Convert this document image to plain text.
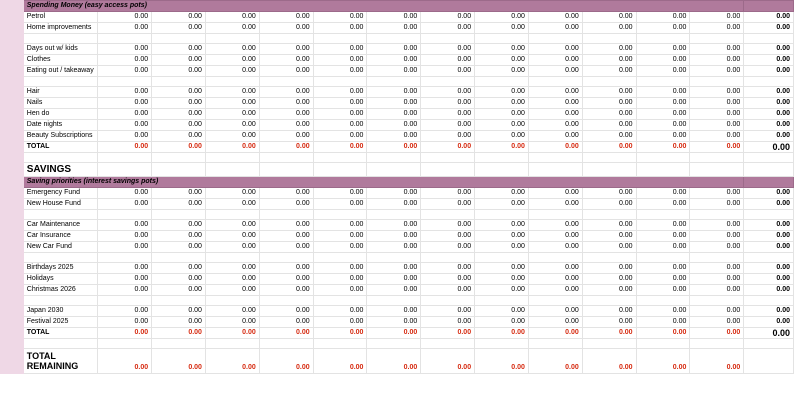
	Spending Money (easy access pots)													
	Petrol	0.00	0.00	0.00	0.00	0.00	0.00	0.00	0.00	0.00	0.00	0.00	0.00	0.00
	Home improvements	0.00	0.00	0.00	0.00	0.00	0.00	0.00	0.00	0.00	0.00	0.00	0.00	0.00

	Days out w/ kids	0.00	0.00	0.00	0.00	0.00	0.00	0.00	0.00	0.00	0.00	0.00	0.00	0.00
	Clothes	0.00	0.00	0.00	0.00	0.00	0.00	0.00	0.00	0.00	0.00	0.00	0.00	0.00
	Eating out / takeaway	0.00	0.00	0.00	0.00	0.00	0.00	0.00	0.00	0.00	0.00	0.00	0.00	0.00

	Hair	0.00	0.00	0.00	0.00	0.00	0.00	0.00	0.00	0.00	0.00	0.00	0.00	0.00
	Nails	0.00	0.00	0.00	0.00	0.00	0.00	0.00	0.00	0.00	0.00	0.00	0.00	0.00
	Hen do	0.00	0.00	0.00	0.00	0.00	0.00	0.00	0.00	0.00	0.00	0.00	0.00	0.00
	Date nights	0.00	0.00	0.00	0.00	0.00	0.00	0.00	0.00	0.00	0.00	0.00	0.00	0.00
	Beauty Subscriptions	0.00	0.00	0.00	0.00	0.00	0.00	0.00	0.00	0.00	0.00	0.00	0.00	0.00
	TOTAL	0.00	0.00	0.00	0.00	0.00	0.00	0.00	0.00	0.00	0.00	0.00	0.00	0.00

	SAVINGS													
	Saving priorities (interest savings pots)													
	Emergency Fund	0.00	0.00	0.00	0.00	0.00	0.00	0.00	0.00	0.00	0.00	0.00	0.00	0.00
	New House Fund	0.00	0.00	0.00	0.00	0.00	0.00	0.00	0.00	0.00	0.00	0.00	0.00	0.00

	Car Maintenance	0.00	0.00	0.00	0.00	0.00	0.00	0.00	0.00	0.00	0.00	0.00	0.00	0.00
	Car Insurance	0.00	0.00	0.00	0.00	0.00	0.00	0.00	0.00	0.00	0.00	0.00	0.00	0.00
	New Car Fund	0.00	0.00	0.00	0.00	0.00	0.00	0.00	0.00	0.00	0.00	0.00	0.00	0.00

	Birthdays 2025	0.00	0.00	0.00	0.00	0.00	0.00	0.00	0.00	0.00	0.00	0.00	0.00	0.00
	Holidays	0.00	0.00	0.00	0.00	0.00	0.00	0.00	0.00	0.00	0.00	0.00	0.00	0.00
	Christmas 2026	0.00	0.00	0.00	0.00	0.00	0.00	0.00	0.00	0.00	0.00	0.00	0.00	0.00

	Japan 2030	0.00	0.00	0.00	0.00	0.00	0.00	0.00	0.00	0.00	0.00	0.00	0.00	0.00
	Festival 2025	0.00	0.00	0.00	0.00	0.00	0.00	0.00	0.00	0.00	0.00	0.00	0.00	0.00
	TOTAL	0.00	0.00	0.00	0.00	0.00	0.00	0.00	0.00	0.00	0.00	0.00	0.00	0.00

	TOTAL REMAINING	0.00	0.00	0.00	0.00	0.00	0.00	0.00	0.00	0.00	0.00	0.00	0.00	
